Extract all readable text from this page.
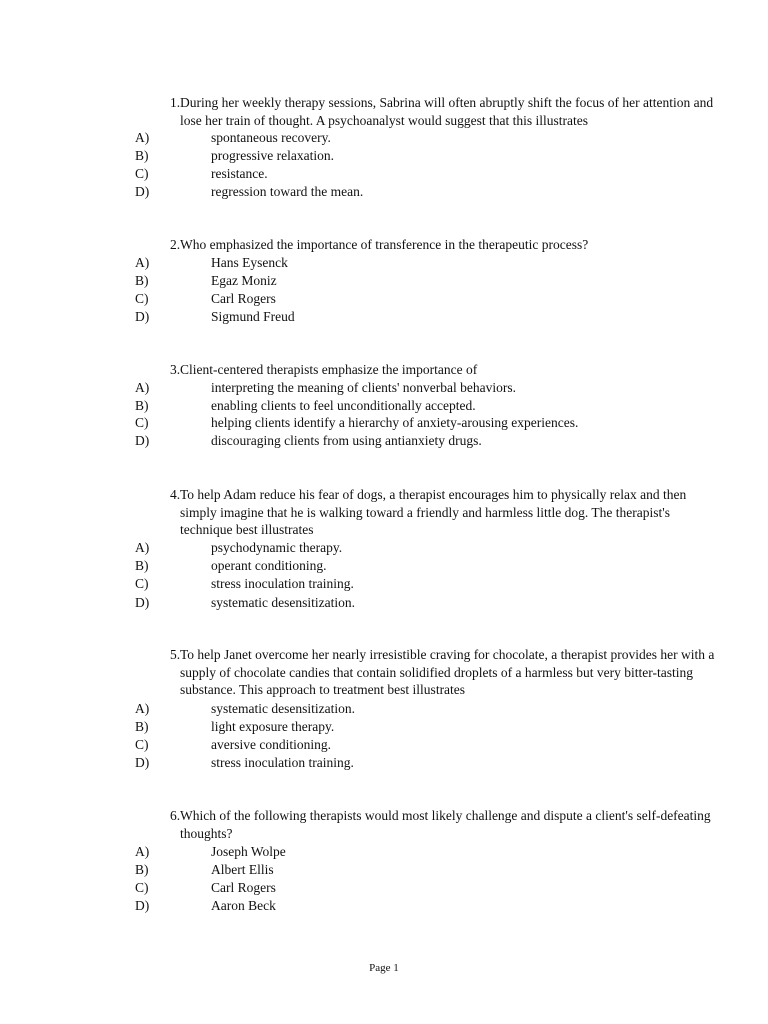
1. During her weekly therapy sessions, Sabrina will often abruptly shift the focus of her attention and lose her train of thought. A psychoanalyst would suggest that this illustrates
A)	spontaneous recovery.
B)	progressive relaxation.
C)	resistance.
D)	regression toward the mean.
2. Who emphasized the importance of transference in the therapeutic process?
A)	Hans Eysenck
B)	Egaz Moniz
C)	Carl Rogers
D)	Sigmund Freud
3. Client-centered therapists emphasize the importance of
A)	interpreting the meaning of clients' nonverbal behaviors.
B)	enabling clients to feel unconditionally accepted.
C)	helping clients identify a hierarchy of anxiety-arousing experiences.
D)	discouraging clients from using antianxiety drugs.
4. To help Adam reduce his fear of dogs, a therapist encourages him to physically relax and then simply imagine that he is walking toward a friendly and harmless little dog. The therapist's technique best illustrates
A)	psychodynamic therapy.
B)	operant conditioning.
C)	stress inoculation training.
D)	systematic desensitization.
5. To help Janet overcome her nearly irresistible craving for chocolate, a therapist provides her with a supply of chocolate candies that contain solidified droplets of a harmless but very bitter-tasting substance. This approach to treatment best illustrates
A)	systematic desensitization.
B)	light exposure therapy.
C)	aversive conditioning.
D)	stress inoculation training.
6. Which of the following therapists would most likely challenge and dispute a client's self-defeating thoughts?
A)	Joseph Wolpe
B)	Albert Ellis
C)	Carl Rogers
D)	Aaron Beck
Page 1
